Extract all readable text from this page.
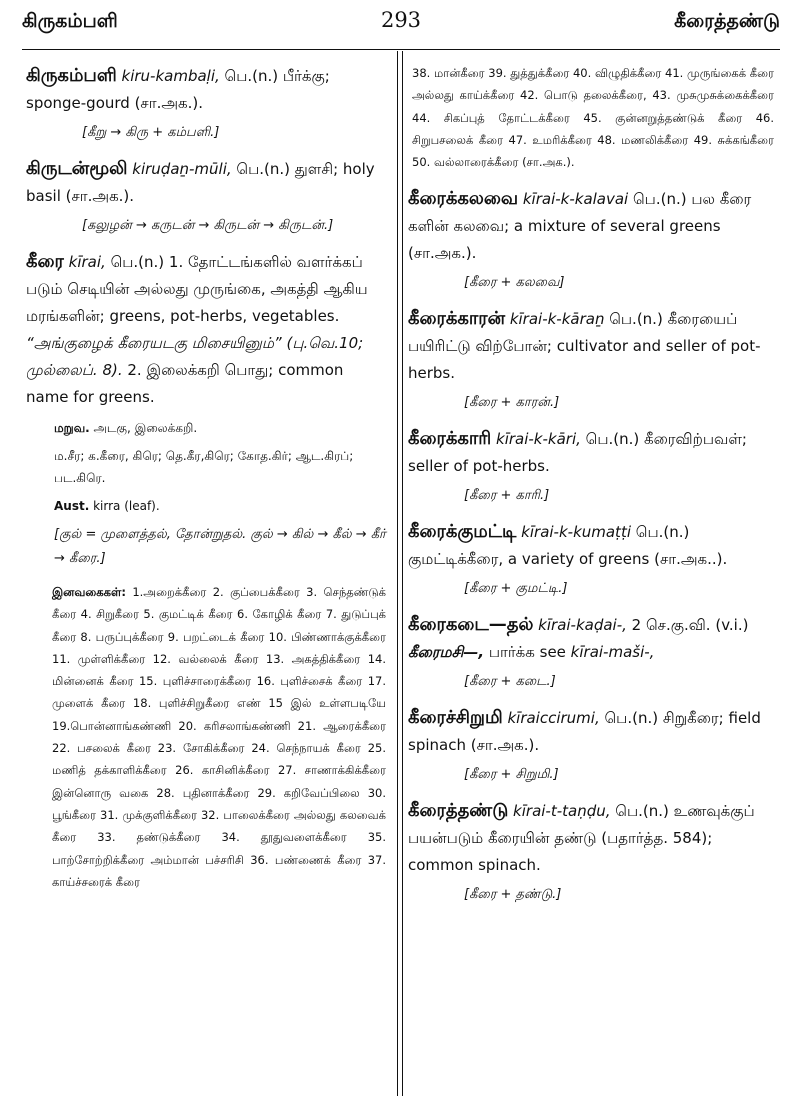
கிருகம்பளி	293	கீரைத்தண்டு

கிருகம்பளி kiru-kambaḷi, பெ.(n.) பீர்க்கு; sponge-gourd (சா.அக.).

[கீறு → கிரு + கம்பளி.]

கிருடன்மூலி kiruḍaṉ-mūli, பெ.(n.) துளசி; holy basil (சா.அக.).

[கலுழன் → கருடன் → கிருடன் → கிருடன்.]

கீரை kīrai, பெ.(n.) 1. தோட்டங்களில் வளர்க்கப் படும் செடியின் அல்லது முருங்கை, அகத்தி ஆகிய மரங்களின்; greens, pot-herbs, vegetables. “அங்குழைக் கீரையடகு மிசையினும்” (பு.வெ.10; முல்லைப். 8). 2. இலைக்கறி பொது; common name for greens.

மறுவ. அடகு, இலைக்கறி.
ம.சீர; க.கீரை, கிரெ; தெ.கீர,கிரெ; கோத.கிர்; ஆட.கிரப்; பட.கிரெ.
Aust. kirra (leaf).
[குல் = முளைத்தல், தோன்றுதல். குல் → கில் → கீல் → கீர் → கீரை.]
இனவகைகள்: 1.அறைக்கீரை 2. குப்பைக்கீரை 3. செந்தண்டுக் கீரை 4. சிறுகீரை 5. குமட்டிக் கீரை 6. கோழிக் கீரை 7. துடுப்புக் கீரை 8. பருப்புக்கீரை 9. பறட்டைக் கீரை 10. பிண்ணாக்குக்கீரை 11. முள்ளிக்கீரை 12. வல்லைக் கீரை 13. அகத்திக்கீரை 14. மின்னைக் கீரை 15. புளிச்சாரைக்கீரை 16. புளிச்சைக் கீரை 17. முளைக் கீரை 18. புளிச்சிறுகீரை எண் 15 இல் உள்ளபடியே 19.பொன்னாங்கண்ணி 20. கரிசலாங்கண்ணி 21. ஆரைக்கீரை 22. பசலைக் கீரை 23. சோகிக்கீரை 24. செந்நாயக் கீரை 25. மணித் தக்காளிக்கீரை 26. காசினிக்கீரை 27. சாணாக்கிக்கீரை இன்னொரு வகை 28. புதினாக்கீரை 29. கறிவேப்பிலை 30. பூங்கீரை 31. முக்குளிக்கீரை 32. பாலைக்கீரை அல்லது கலவைக் கீரை 33. தண்டுக்கீரை 34. தூதுவளைக்கீரை 35. பாற்சோற்றிக்கீரை அம்மான் பச்சரிசி 36. பண்ணைக் கீரை 37. காய்ச்சரைக் கீரை
38. மான்கீரை 39. துத்துக்கீரை 40. விழுதிக்கீரை 41. முருங்கைக் கீரை அல்லது காய்க்கீரை 42. பொடு தலைக்கீரை, 43. முசுமுசுக்கைக்கீரை 44. சிகப்புத் தோட்டக்கீரை 45. குன்னறுத்தண்டுக் கீரை 46. சிறுபசலைக் கீரை 47. உமரிக்கீரை 48. மணலிக்கீரை 49. சுக்கங்கீரை 50. வல்லாரைக்கீரை (சா.அக.).

கீரைக்கலவை kīrai-k-kalavai பெ.(n.) பல கீரை களின் கலவை; a mixture of several greens (சா.அக.).

[கீரை + கலவை]

கீரைக்காரன் kīrai-k-kāraṉ பெ.(n.) கீரையைப் பயிரிட்டு விற்போன்; cultivator and seller of pot-herbs.

[கீரை + காரன்.]

கீரைக்காரி kīrai-k-kāri, பெ.(n.) கீரைவிற்பவள்; seller of pot-herbs.

[கீரை + காரி.]

கீரைக்குமட்டி kīrai-k-kumaṭṭi பெ.(n.) குமட்டிக்கீரை, a variety of greens (சா.அக..).

[கீரை + குமட்டி.]

கீரைகடை—தல் kīrai-kaḍai-, 2 செ.கு.வி. (v.i.) கீரைமசி—, பார்க்க see kīrai-maši-,

[கீரை + கடை.]

கீரைச்சிறுமி kīraiccirumi, பெ.(n.) சிறுகீரை; field spinach (சா.அக.).

[கீரை + சிறுமி.]

கீரைத்தண்டு kīrai-t-taṇḍu, பெ.(n.) உணவுக்குப் பயன்படும் கீரையின் தண்டு (பதார்த்த. 584); common spinach.

[கீரை + தண்டு.]
